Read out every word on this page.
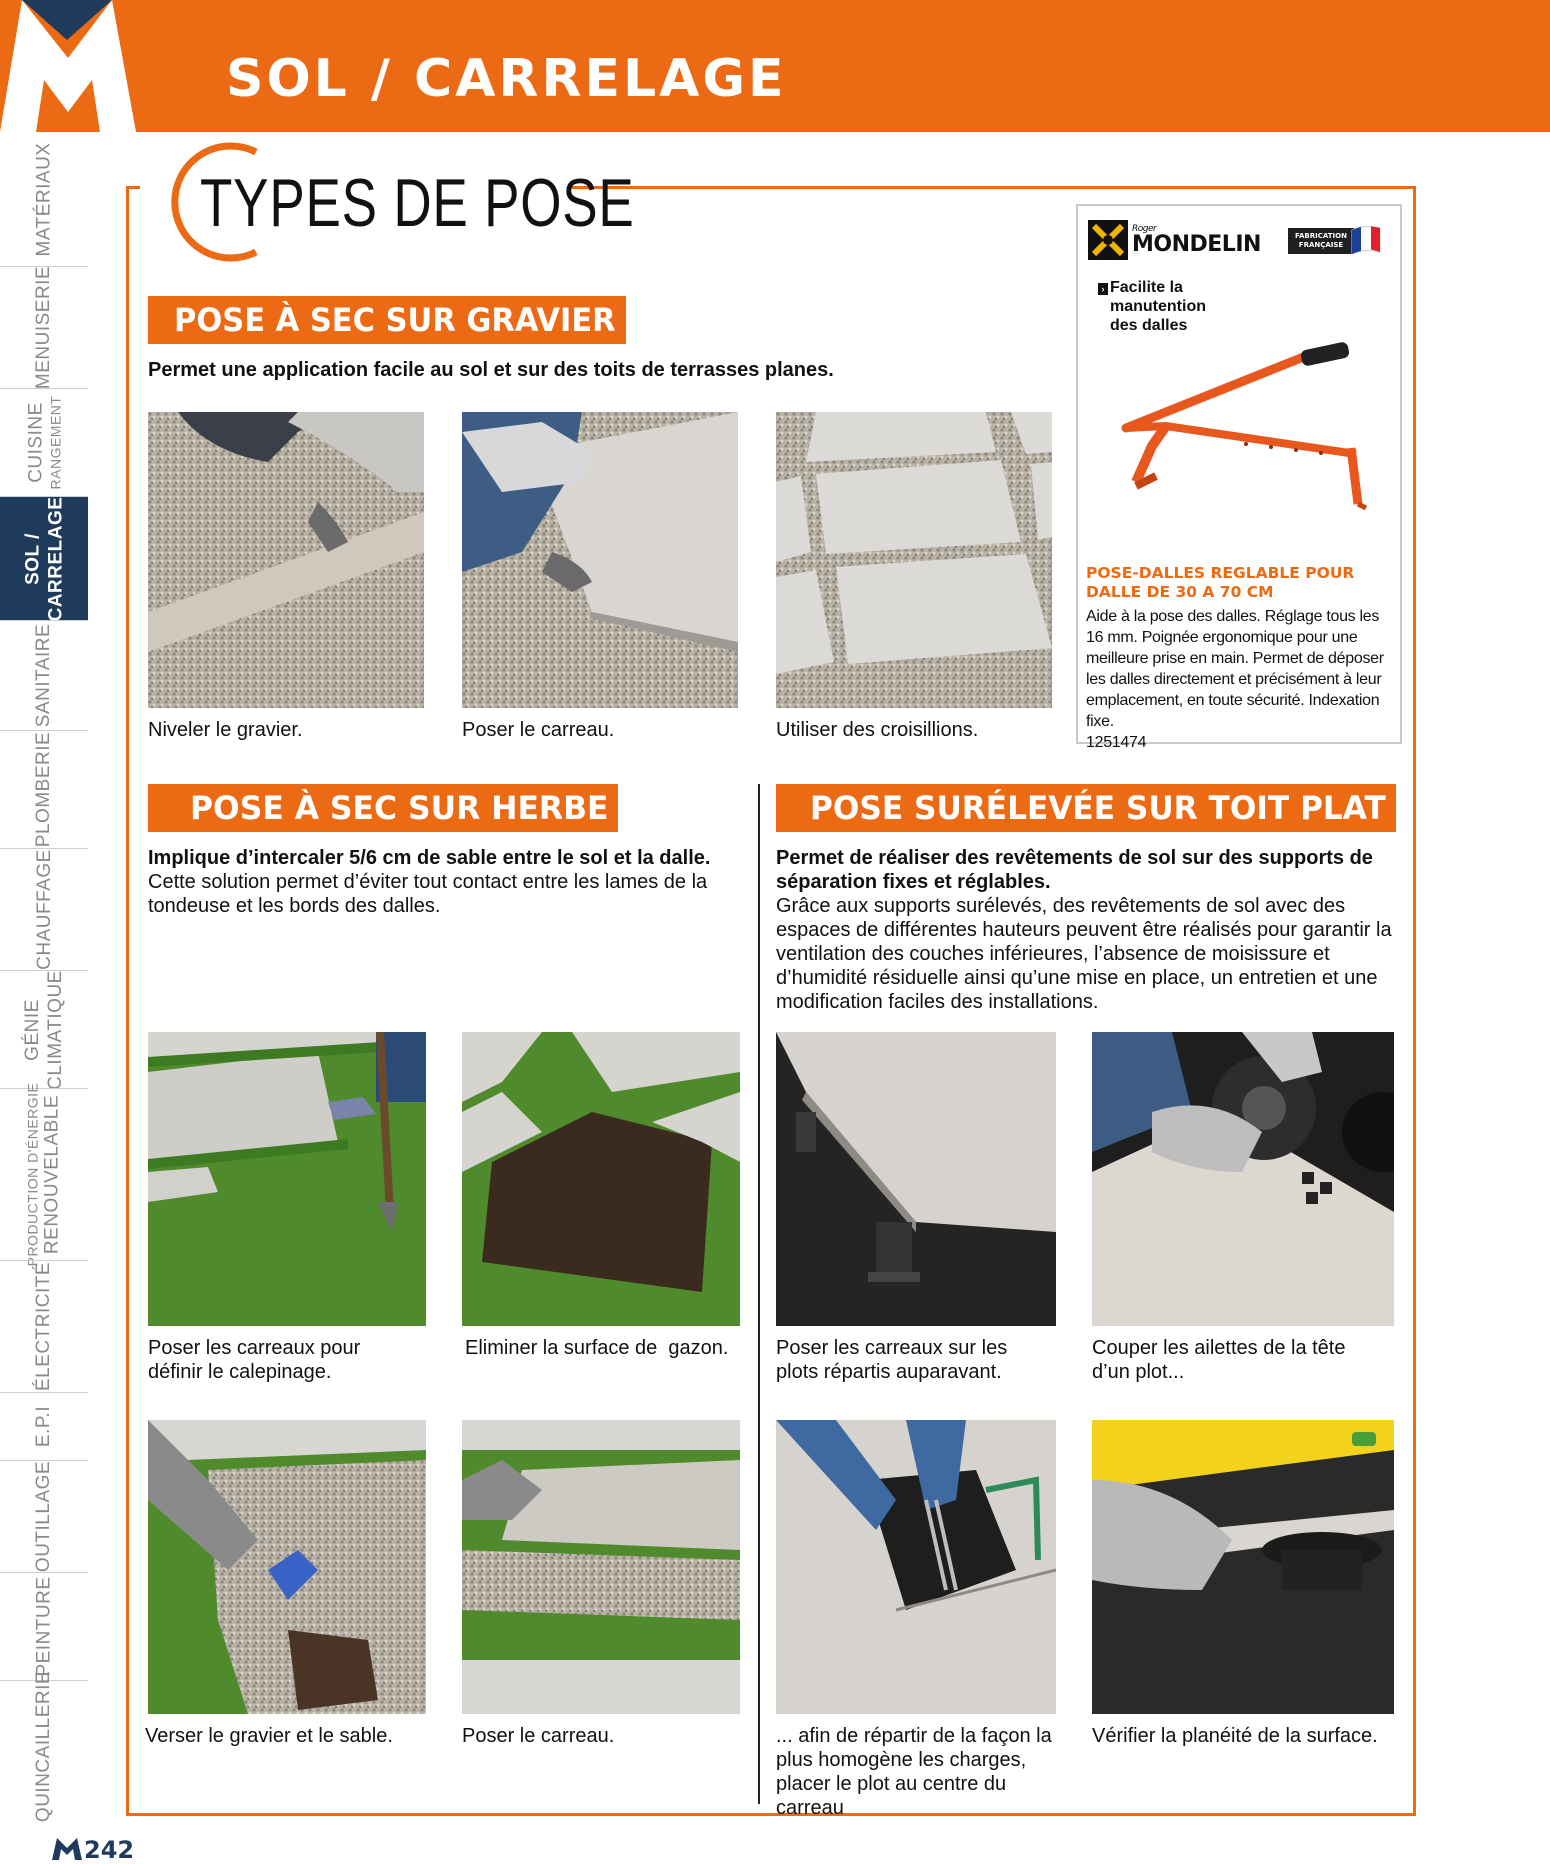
SOL / CARRELAGE
MATÉRIAUX
MENUISERIE
CUISINE RANGEMENT
SOL / CARRELAGE
SANITAIRE
PLOMBERIE
CHAUFFAGE
GÉNIE CLIMATIQUE
PRODUCTION D'ÉNERGIE RENOUVELABLE
ÉLECTRICITÉ
E.P.I
OUTILLAGE
PEINTURE
QUINCAILLERIE
242
TYPES DE POSE
POSE À SEC SUR GRAVIER
Permet une application facile au sol et sur des toits de terrasses planes.
Niveler le gravier.	Poser le carreau.	Utiliser des croisillions.
Roger
MONDELIN	FABRICATION FRANÇAISE
› Facilite la
manutention
des dalles
POSE-DALLES REGLABLE POUR DALLE DE 30 A 70 CM
Aide à la pose des dalles. Réglage tous les 16 mm. Poignée ergonomique pour une meilleure prise en main. Permet de déposer les dalles directement et précisément à leur emplacement, en toute sécurité. Indexation fixe.
1251474
POSE À SEC SUR HERBE
Implique d’intercaler 5/6 cm de sable entre le sol et la dalle. Cette solution permet d’éviter tout contact entre les lames de la tondeuse et les bords des dalles.
Poser les carreaux pour définir le calepinage.
Eliminer la surface de  gazon.
Verser le gravier et le sable.	Poser le carreau.
POSE SURÉLEVÉE SUR TOIT PLAT
Permet de réaliser des revêtements de sol sur des supports de séparation fixes et réglables.
Grâce aux supports surélevés, des revêtements de sol avec des espaces de différentes hauteurs peuvent être réalisés pour garantir la ventilation des couches inférieures, l’absence de moisissure et d’humidité résiduelle ainsi qu’une mise en place, un entretien et une modification faciles des installations.
Poser les carreaux sur les plots répartis auparavant.
Couper les ailettes de la tête d’un plot...
... afin de répartir de la façon la plus homogène les charges, placer le plot au centre du carreau
Vérifier la planéité de la surface.
